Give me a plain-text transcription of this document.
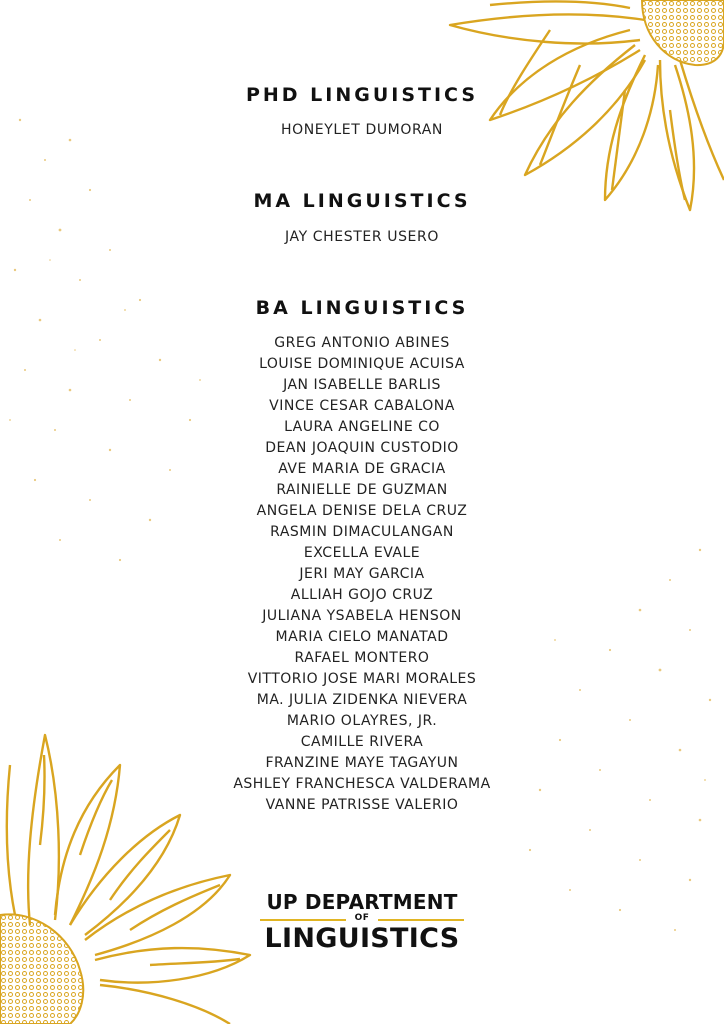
PHD LINGUISTICS
HONEYLET DUMORAN
MA LINGUISTICS
JAY CHESTER USERO
BA LINGUISTICS
GREG ANTONIO ABINES
LOUISE DOMINIQUE ACUISA
JAN ISABELLE BARLIS
VINCE CESAR CABALONA
LAURA ANGELINE CO
DEAN JOAQUIN CUSTODIO
AVE MARIA DE GRACIA
RAINIELLE DE GUZMAN
ANGELA DENISE DELA CRUZ
RASMIN DIMACULANGAN
EXCELLA EVALE
JERI MAY GARCIA
ALLIAH GOJO CRUZ
JULIANA YSABELA HENSON
MARIA CIELO MANATAD
RAFAEL MONTERO
VITTORIO JOSE MARI MORALES
MA. JULIA ZIDENKA NIEVERA
MARIO OLAYRES, JR.
CAMILLE RIVERA
FRANZINE MAYE TAGAYUN
ASHLEY FRANCHESCA VALDERAMA
VANNE PATRISSE VALERIO
UP DEPARTMENT
OF
LINGUISTICS
